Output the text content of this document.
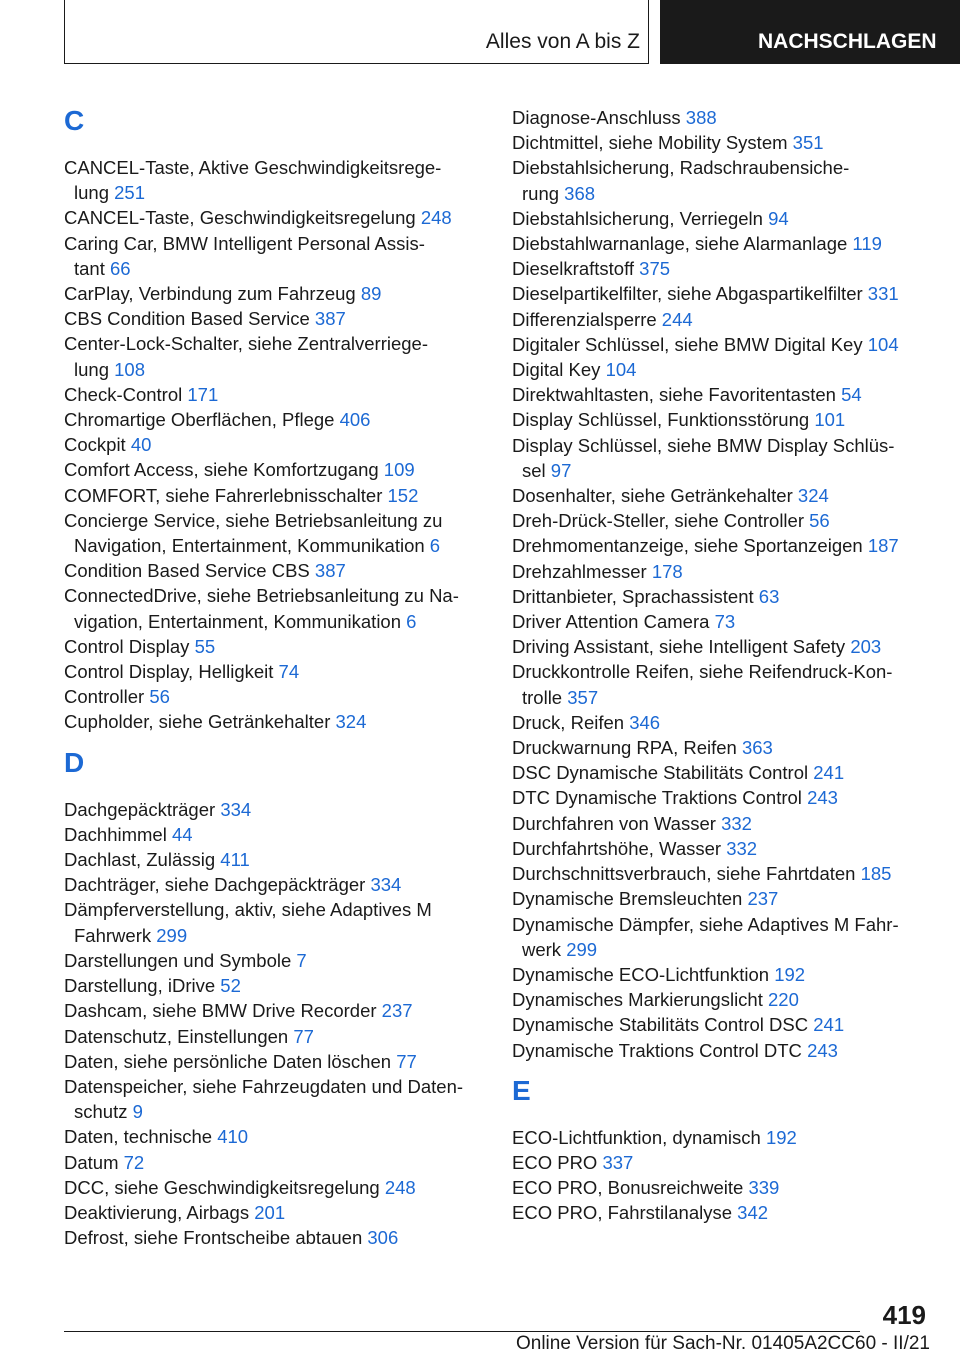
Alles von A bis Z	NACHSCHLAGEN
C
CANCEL-Taste, Aktive Geschwindigkeitsrege-
lung 251
CANCEL-Taste, Geschwindigkeitsregelung 248
Caring Car, BMW Intelligent Personal Assis-
tant 66
CarPlay, Verbindung zum Fahrzeug 89
CBS Condition Based Service 387
Center-Lock-Schalter, siehe Zentralverriege-
lung 108
Check-Control 171
Chromartige Oberflächen, Pflege 406
Cockpit 40
Comfort Access, siehe Komfortzugang 109
COMFORT, siehe Fahrerlebnisschalter 152
Concierge Service, siehe Betriebsanleitung zu
Navigation, Entertainment, Kommunikation 6
Condition Based Service CBS 387
ConnectedDrive, siehe Betriebsanleitung zu Na-
vigation, Entertainment, Kommunikation 6
Control Display 55
Control Display, Helligkeit 74
Controller 56
Cupholder, siehe Getränkehalter 324
D
Dachgepäckträger 334
Dachhimmel 44
Dachlast, Zulässig 411
Dachträger, siehe Dachgepäckträger 334
Dämpferverstellung, aktiv, siehe Adaptives M
Fahrwerk 299
Darstellungen und Symbole 7
Darstellung, iDrive 52
Dashcam, siehe BMW Drive Recorder 237
Datenschutz, Einstellungen 77
Daten, siehe persönliche Daten löschen 77
Datenspeicher, siehe Fahrzeugdaten und Daten-
schutz 9
Daten, technische 410
Datum 72
DCC, siehe Geschwindigkeitsregelung 248
Deaktivierung, Airbags 201
Defrost, siehe Frontscheibe abtauen 306
Diagnose-Anschluss 388
Dichtmittel, siehe Mobility System 351
Diebstahlsicherung, Radschraubensiche-
rung 368
Diebstahlsicherung, Verriegeln 94
Diebstahlwarnanlage, siehe Alarmanlage 119
Dieselkraftstoff 375
Dieselpartikelfilter, siehe Abgaspartikelfilter 331
Differenzialsperre 244
Digitaler Schlüssel, siehe BMW Digital Key 104
Digital Key 104
Direktwahltasten, siehe Favoritentasten 54
Display Schlüssel, Funktionsstörung 101
Display Schlüssel, siehe BMW Display Schlüs-
sel 97
Dosenhalter, siehe Getränkehalter 324
Dreh-Drück-Steller, siehe Controller 56
Drehmomentanzeige, siehe Sportanzeigen 187
Drehzahlmesser 178
Drittanbieter, Sprachassistent 63
Driver Attention Camera 73
Driving Assistant, siehe Intelligent Safety 203
Druckkontrolle Reifen, siehe Reifendruck-Kon-
trolle 357
Druck, Reifen 346
Druckwarnung RPA, Reifen 363
DSC Dynamische Stabilitäts Control 241
DTC Dynamische Traktions Control 243
Durchfahren von Wasser 332
Durchfahrtshöhe, Wasser 332
Durchschnittsverbrauch, siehe Fahrtdaten 185
Dynamische Bremsleuchten 237
Dynamische Dämpfer, siehe Adaptives M Fahr-
werk 299
Dynamische ECO-Lichtfunktion 192
Dynamisches Markierungslicht 220
Dynamische Stabilitäts Control DSC 241
Dynamische Traktions Control DTC 243
E
ECO-Lichtfunktion, dynamisch 192
ECO PRO 337
ECO PRO, Bonusreichweite 339
ECO PRO, Fahrstilanalyse 342
419
Online Version für Sach-Nr. 01405A2CC60 - II/21
